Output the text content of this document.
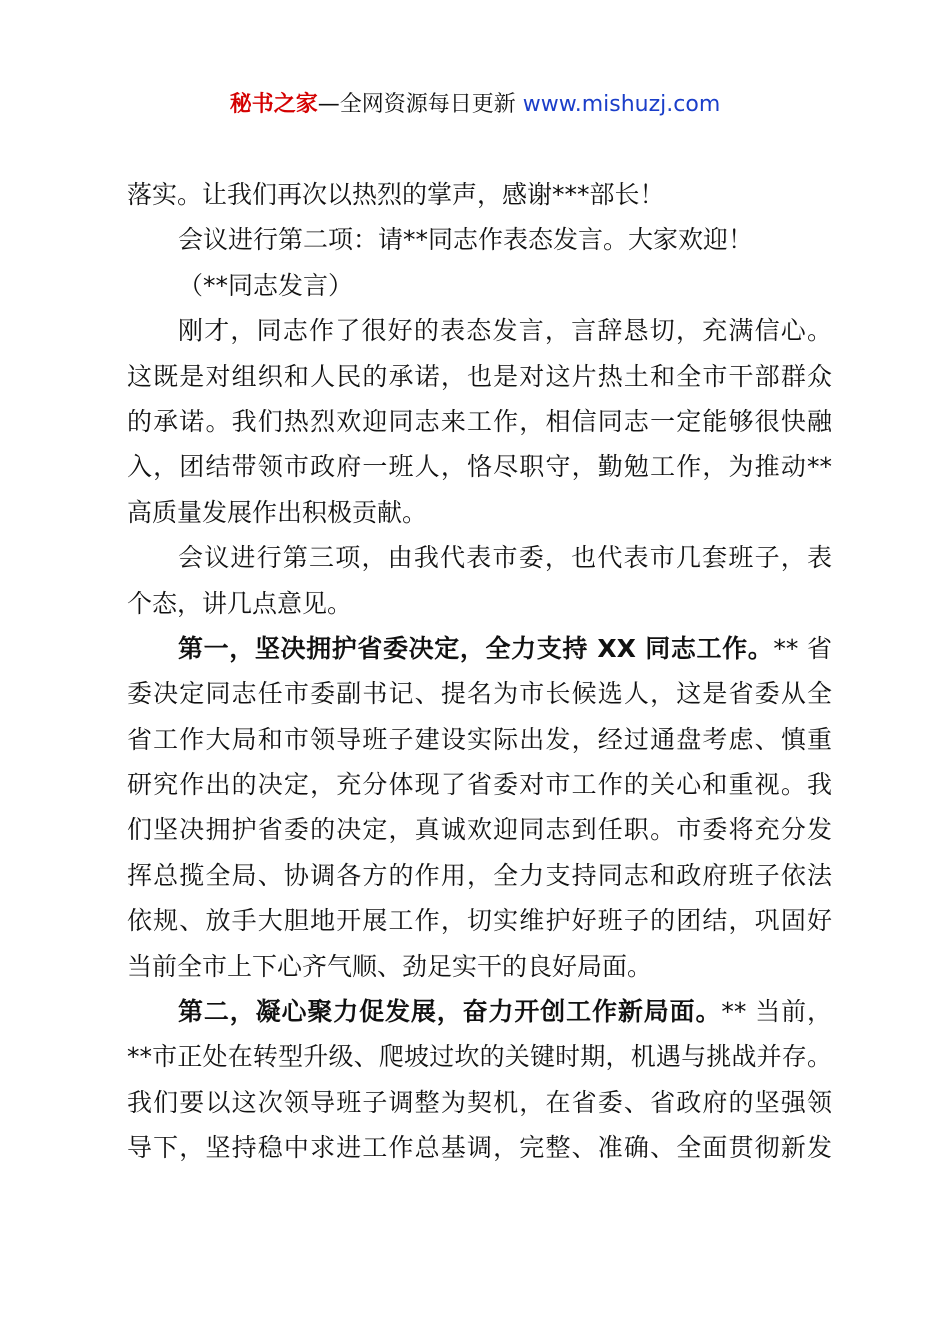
秘书之家—全网资源每日更新 www.mishuzj.com
落实。让我们再次以热烈的掌声，感谢***部长！
会议进行第二项：请**同志作表态发言。大家欢迎！
（**同志发言）
刚才，同志作了很好的表态发言，言辞恳切，充满信心。
这既是对组织和人民的承诺，也是对这片热土和全市干部群众
的承诺。我们热烈欢迎同志来工作，相信同志一定能够很快融
入，团结带领市政府一班人，恪尽职守，勤勉工作，为推动**
高质量发展作出积极贡献。
会议进行第三项，由我代表市委，也代表市几套班子，表
个态，讲几点意见。
第一，坚决拥护省委决定，全力支持 XX 同志工作。** 省
委决定同志任市委副书记、提名为市长候选人，这是省委从全
省工作大局和市领导班子建设实际出发，经过通盘考虑、慎重
研究作出的决定，充分体现了省委对市工作的关心和重视。我
们坚决拥护省委的决定，真诚欢迎同志到任职。市委将充分发
挥总揽全局、协调各方的作用，全力支持同志和政府班子依法
依规、放手大胆地开展工作，切实维护好班子的团结，巩固好
当前全市上下心齐气顺、劲足实干的良好局面。
第二，凝心聚力促发展，奋力开创工作新局面。** 当前，
**市正处在转型升级、爬坡过坎的关键时期，机遇与挑战并存。
我们要以这次领导班子调整为契机，在省委、省政府的坚强领
导下，坚持稳中求进工作总基调，完整、准确、全面贯彻新发
